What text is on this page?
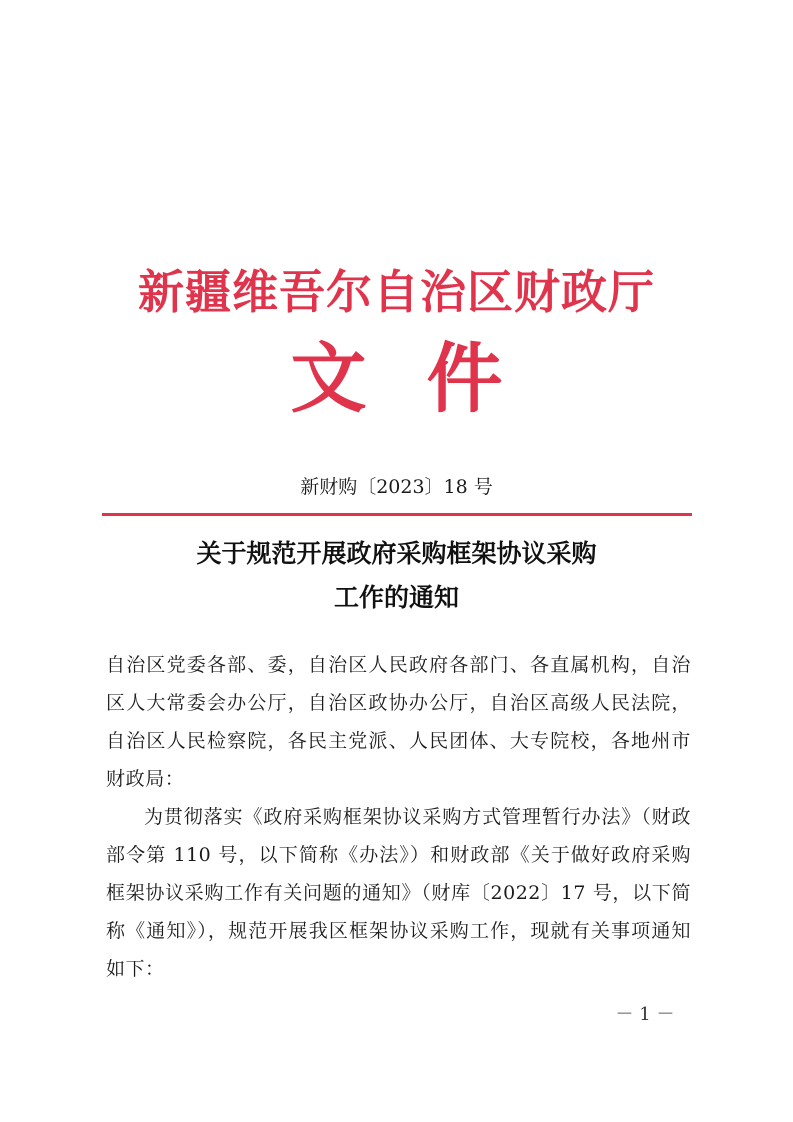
新疆维吾尔自治区财政厅
文件
新财购〔2023〕18 号
关于规范开展政府采购框架协议采购
工作的通知

自治区党委各部、委，自治区人民政府各部门、各直属机构，自治区人大常委会办公厅，自治区政协办公厅，自治区高级人民法院，自治区人民检察院，各民主党派、人民团体、大专院校，各地州市财政局：

为贯彻落实《政府采购框架协议采购方式管理暂行办法》（财政部令第 110 号，以下简称《办法》）和财政部《关于做好政府采购框架协议采购工作有关问题的通知》（财库〔2022〕17 号，以下简称《通知》），规范开展我区框架协议采购工作，现就有关事项通知如下：

－ 1 －
